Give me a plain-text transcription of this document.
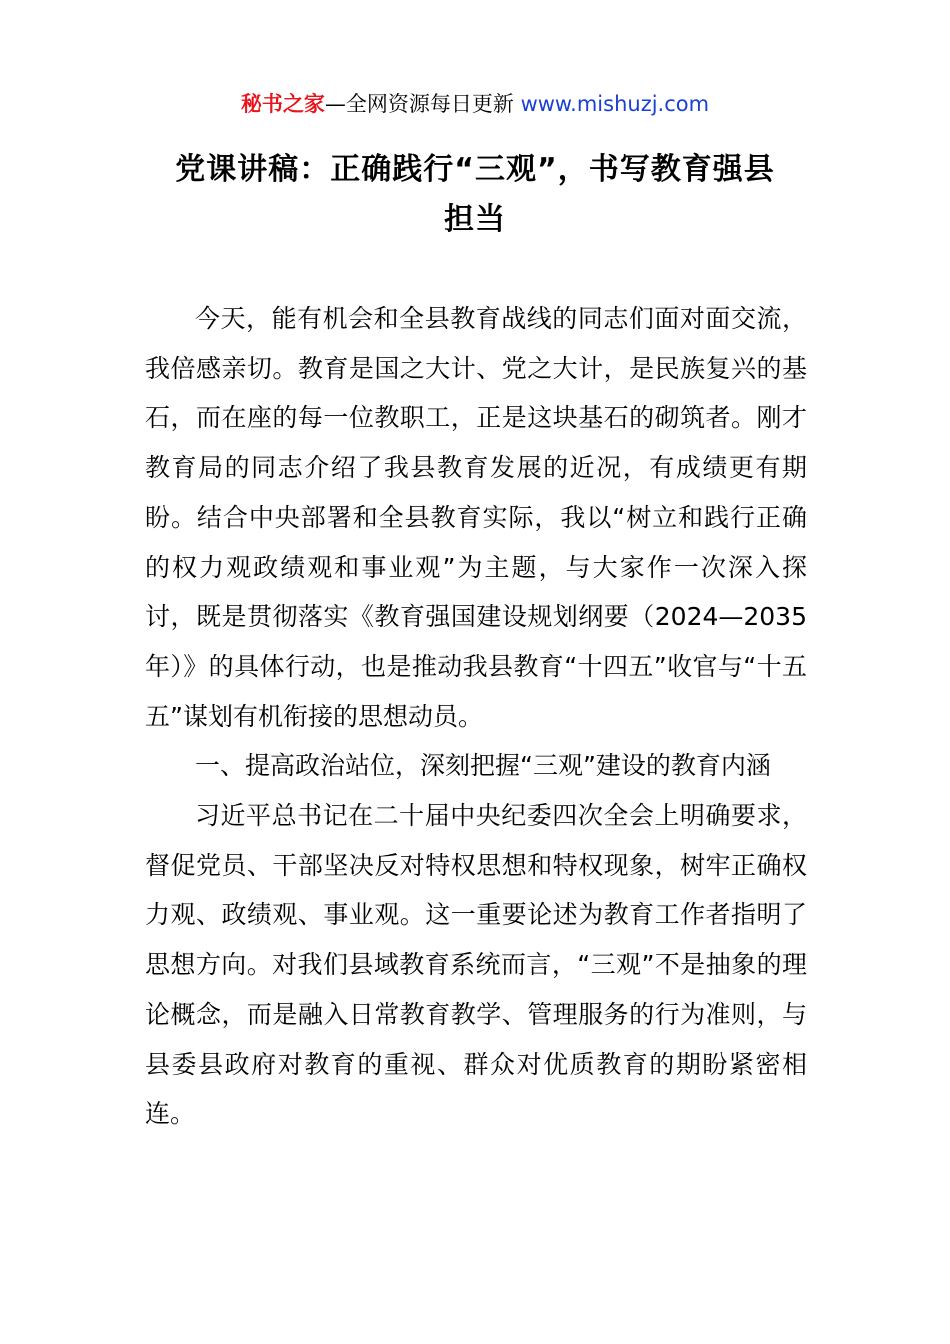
秘书之家—全网资源每日更新 www.mishuzj.com
党课讲稿：正确践行“三观”，书写教育强县
担当

今天，能有机会和全县教育战线的同志们面对面交流，我倍感亲切。教育是国之大计、党之大计，是民族复兴的基石，而在座的每一位教职工，正是这块基石的砌筑者。刚才教育局的同志介绍了我县教育发展的近况，有成绩更有期盼。结合中央部署和全县教育实际，我以“树立和践行正确的权力观政绩观和事业观”为主题，与大家作一次深入探讨，既是贯彻落实《教育强国建设规划纲要（2024—2035年）》的具体行动，也是推动我县教育“十四五”收官与“十五五”谋划有机衔接的思想动员。

一、提高政治站位，深刻把握“三观”建设的教育内涵

习近平总书记在二十届中央纪委四次全会上明确要求，督促党员、干部坚决反对特权思想和特权现象，树牢正确权力观、政绩观、事业观。这一重要论述为教育工作者指明了思想方向。对我们县域教育系统而言，“三观”不是抽象的理论概念，而是融入日常教育教学、管理服务的行为准则，与县委县政府对教育的重视、群众对优质教育的期盼紧密相连。
